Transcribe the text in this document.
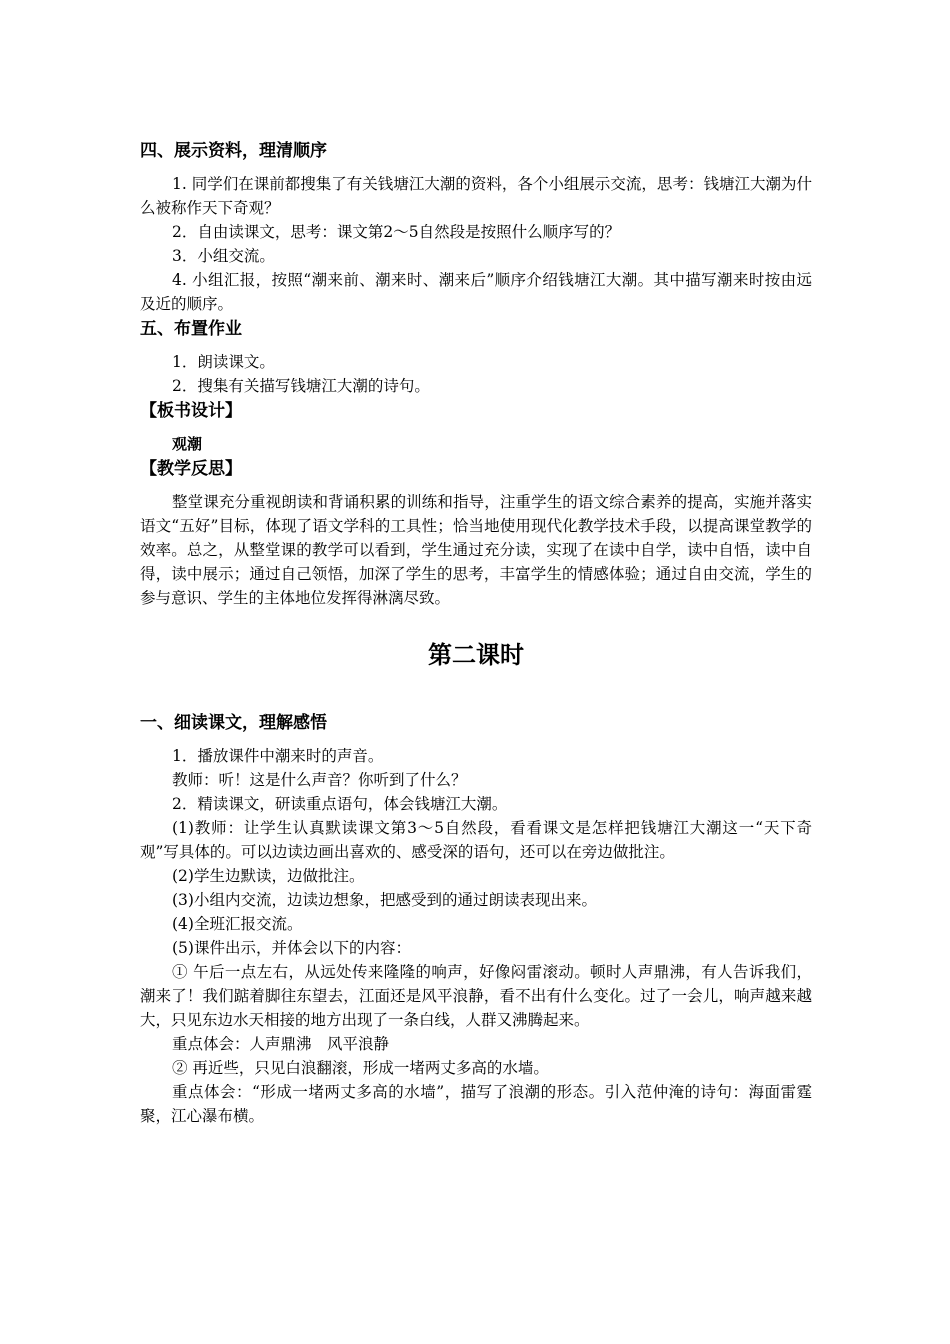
四、展示资料，理清顺序

1. 同学们在课前都搜集了有关钱塘江大潮的资料，各个小组展示交流，思考：钱塘江大潮为什么被称作天下奇观？

2．自由读课文，思考：课文第2～5自然段是按照什么顺序写的？

3．小组交流。

4. 小组汇报，按照“潮来前、潮来时、潮来后”顺序介绍钱塘江大潮。其中描写潮来时按由远及近的顺序。

五、布置作业

1．朗读课文。

2．搜集有关描写钱塘江大潮的诗句。

【板书设计】

观潮

【教学反思】

整堂课充分重视朗读和背诵积累的训练和指导，注重学生的语文综合素养的提高，实施并落实语文“五好”目标，体现了语文学科的工具性；恰当地使用现代化教学技术手段，以提高课堂教学的效率。总之，从整堂课的教学可以看到，学生通过充分读，实现了在读中自学，读中自悟，读中自得，读中展示；通过自己领悟，加深了学生的思考，丰富学生的情感体验；通过自由交流，学生的参与意识、学生的主体地位发挥得淋漓尽致。

第二课时
一、细读课文，理解感悟

1．播放课件中潮来时的声音。

教师：听！这是什么声音？你听到了什么？

2．精读课文，研读重点语句，体会钱塘江大潮。

(1)教师：让学生认真默读课文第3～5自然段，看看课文是怎样把钱塘江大潮这一“天下奇观”写具体的。可以边读边画出喜欢的、感受深的语句，还可以在旁边做批注。

(2)学生边默读，边做批注。

(3)小组内交流，边读边想象，把感受到的通过朗读表现出来。

(4)全班汇报交流。

(5)课件出示，并体会以下的内容：

① 午后一点左右，从远处传来隆隆的响声，好像闷雷滚动。顿时人声鼎沸，有人告诉我们，潮来了！我们踮着脚往东望去，江面还是风平浪静，看不出有什么变化。过了一会儿，响声越来越大，只见东边水天相接的地方出现了一条白线，人群又沸腾起来。

重点体会：人声鼎沸　风平浪静

② 再近些，只见白浪翻滚，形成一堵两丈多高的水墙。

重点体会：“形成一堵两丈多高的水墙”，描写了浪潮的形态。引入范仲淹的诗句：海面雷霆聚，江心瀑布横。
